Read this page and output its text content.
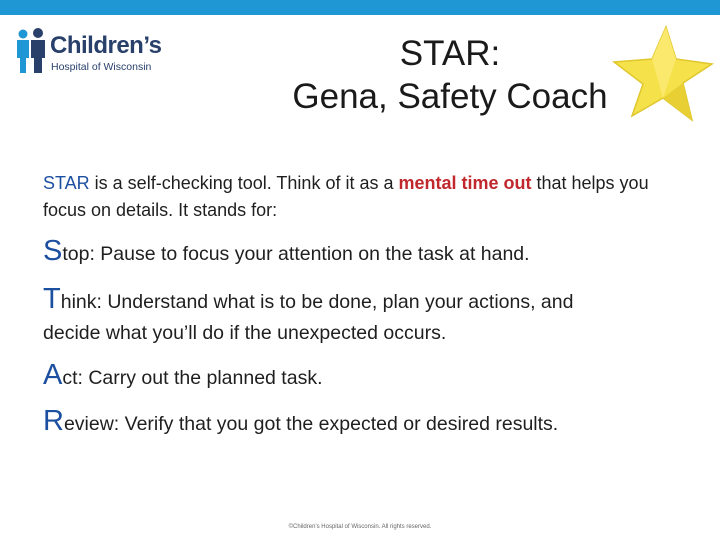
Children’s
Hospital of Wisconsin	STAR:
Gena, Safety Coach
STAR is a self-checking tool. Think of it as a mental time out that helps you focus on details. It stands for:
Stop: Pause to focus your attention on the task at hand.
Think: Understand what is to be done, plan your actions, and
decide what you’ll do if the unexpected occurs.
Act: Carry out the planned task.
Review: Verify that you got the expected or desired results.
©Children’s Hospital of Wisconsin. All rights reserved.
